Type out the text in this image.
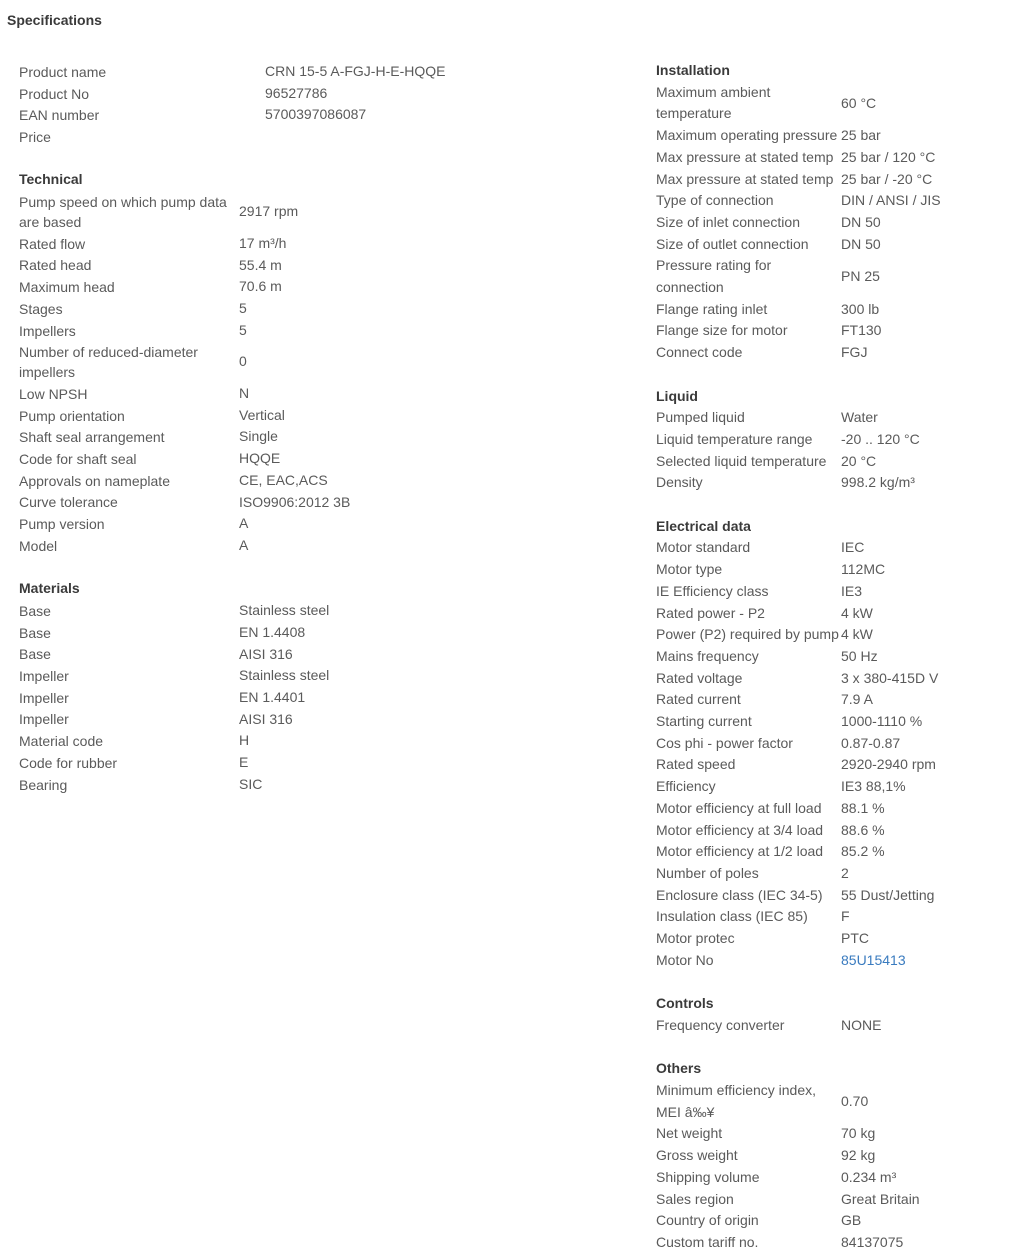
Specifications
Product name	CRN 15-5 A-FGJ-H-E-HQQE
Product No	96527786
EAN number	5700397086087
Price	

Technical	
Pump speed on which pump data are based	2917 rpm
Rated flow	17 m³/h
Rated head	55.4 m
Maximum head	70.6 m
Stages	5
Impellers	5
Number of reduced-diameter impellers	0
Low NPSH	N
Pump orientation	Vertical
Shaft seal arrangement	Single
Code for shaft seal	HQQE
Approvals on nameplate	CE, EAC,ACS
Curve tolerance	ISO9906:2012 3B
Pump version	A
Model	A

Materials	
Base	Stainless steel
Base	EN 1.4408
Base	AISI 316
Impeller	Stainless steel
Impeller	EN 1.4401
Impeller	AISI 316
Material code	H
Code for rubber	E
Bearing	SIC
Installation	
Maximum ambient temperature	60 °C
Maximum operating pressure	25 bar
Max pressure at stated temp	25 bar / 120 °C
Max pressure at stated temp	25 bar / -20 °C
Type of connection	DIN / ANSI / JIS
Size of inlet connection	DN 50
Size of outlet connection	DN 50
Pressure rating for connection	PN 25
Flange rating inlet	300 lb
Flange size for motor	FT130
Connect code	FGJ

Liquid	
Pumped liquid	Water
Liquid temperature range	-20 .. 120 °C
Selected liquid temperature	20 °C
Density	998.2 kg/m³

Electrical data	
Motor standard	IEC
Motor type	112MC
IE Efficiency class	IE3
Rated power - P2	4 kW
Power (P2) required by pump	4 kW
Mains frequency	50 Hz
Rated voltage	3 x 380-415D V
Rated current	7.9 A
Starting current	1000-1110 %
Cos phi - power factor	0.87-0.87
Rated speed	2920-2940 rpm
Efficiency	IE3 88,1%
Motor efficiency at full load	88.1 %
Motor efficiency at 3/4 load	88.6 %
Motor efficiency at 1/2 load	85.2 %
Number of poles	2
Enclosure class (IEC 34-5)	55 Dust/Jetting
Insulation class (IEC 85)	F
Motor protec	PTC
Motor No	85U15413

Controls
Frequency converter	NONE

Others	
Minimum efficiency index, MEI â‰¥	0.70
Net weight	70 kg
Gross weight	92 kg
Shipping volume	0.234 m³
Sales region	Great Britain
Country of origin	GB
Custom tariff no.	84137075
